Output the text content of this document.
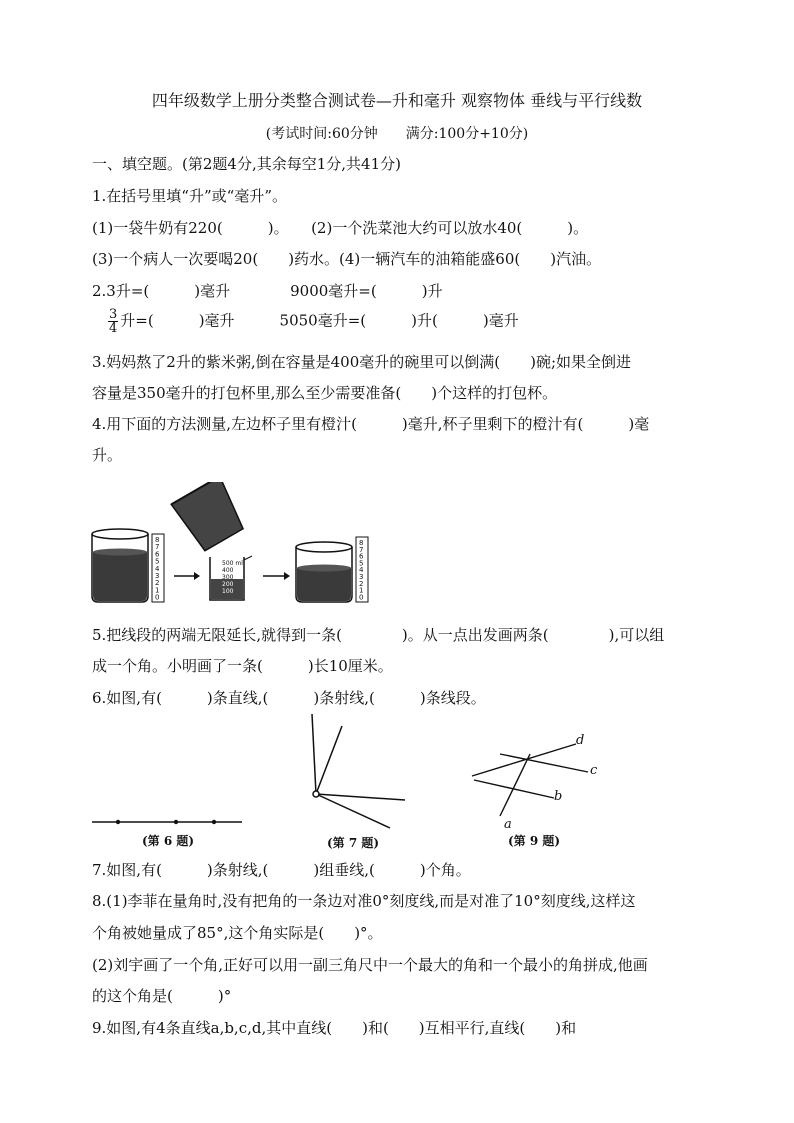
四年级数学上册分类整合测试卷—升和毫升 观察物体 垂线与平行线数
(考试时间:60分钟　　满分:100分+10分)
一、填空题。(第2题4分,其余每空1分,共41分)
1.在括号里填“升”或“毫升”。
(1)一袋牛奶有220(　　　)。　　(2)一个洗菜池大约可以放水40(　　　)。
(3)一个病人一次要喝20(　　)药水。(4)一辆汽车的油箱能盛60(　　)汽油。
2.3升=(　　　)毫升　　　　9000毫升=(　　　)升
$\frac{3}{4}$ 升=(　　　)毫升　　　5050毫升=(　　　)升(　　　)毫升
3.妈妈熬了2升的紫米粥,倒在容量是400毫升的碗里可以倒满(　　)碗;如果全倒进
容量是350毫升的打包杯里,那么至少需要准备(　　)个这样的打包杯。
4.用下面的方法测量,左边杯子里有橙汁(　　　)毫升,杯子里剩下的橙汁有(　　　)毫
升。
8
7
6
5
4
3
2
1
0
8
7
6
5
4
3
2
1
0
500 ml
400
300
200
100
5.把线段的两端无限延长,就得到一条(　　　　)。从一点出发画两条(　　　　),可以组
成一个角。小明画了一条(　　　)长10厘米。
6.如图,有(　　　)条直线,(　　　)条射线,(　　　)条线段。
(第 6 题)	(第 7 题)
d
c
b
a
(第 9 题)
7.如图,有(　　　)条射线,(　　　)组垂线,(　　　)个角。
8.(1)李菲在量角时,没有把角的一条边对准0°刻度线,而是对准了10°刻度线,这样这
个角被她量成了85°,这个角实际是(　　)°。
(2)刘宇画了一个角,正好可以用一副三角尺中一个最大的角和一个最小的角拼成,他画
的这个角是(　　　)°
9.如图,有4条直线a,b,c,d,其中直线(　　)和(　　)互相平行,直线(　　)和
